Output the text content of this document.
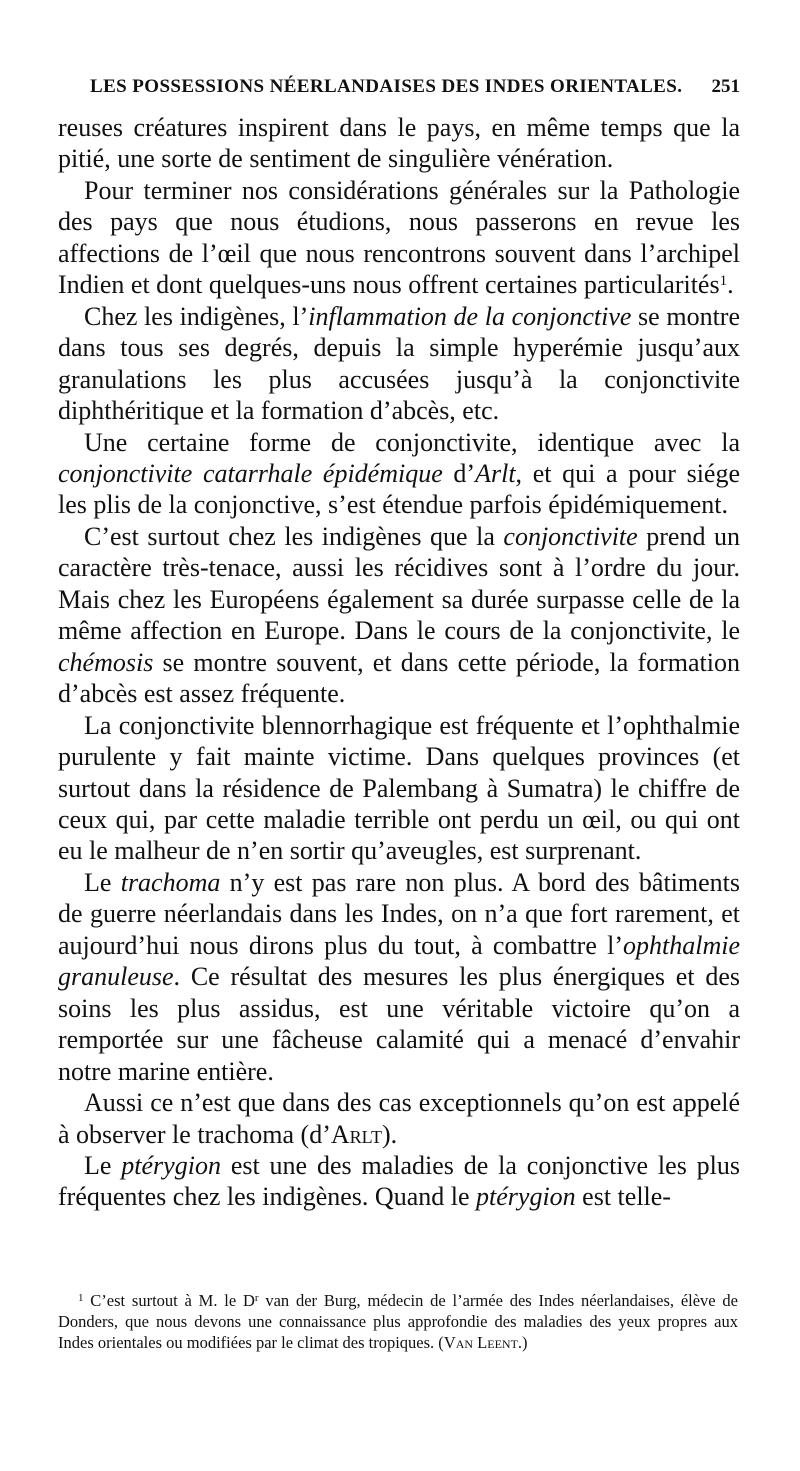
LES POSSESSIONS NÉERLANDAISES DES INDES ORIENTALES. 251

reuses créatures inspirent dans le pays, en même temps que la pitié, une sorte de sentiment de singulière vénération.

Pour terminer nos considérations générales sur la Pathologie des pays que nous étudions, nous passerons en revue les affections de l’œil que nous rencontrons souvent dans l’archipel Indien et dont quelques-uns nous offrent certaines particularités$^1$.

Chez les indigènes, l’inflammation de la conjonctive se montre dans tous ses degrés, depuis la simple hyperémie jusqu’aux granulations les plus accusées jusqu’à la conjonctivite diphthéritique et la formation d’abcès, etc.

Une certaine forme de conjonctivite, identique avec la conjonctivite catarrhale épidémique d’Arlt, et qui a pour siége les plis de la conjonctive, s’est étendue parfois épidémiquement.

C’est surtout chez les indigènes que la conjonctivite prend un caractère très-tenace, aussi les récidives sont à l’ordre du jour. Mais chez les Européens également sa durée surpasse celle de la même affection en Europe. Dans le cours de la conjonctivite, le chémosis se montre souvent, et dans cette période, la formation d’abcès est assez fréquente.

La conjonctivite blennorrhagique est fréquente et l’ophthalmie purulente y fait mainte victime. Dans quelques provinces (et surtout dans la résidence de Palembang à Sumatra) le chiffre de ceux qui, par cette maladie terrible ont perdu un œil, ou qui ont eu le malheur de n’en sortir qu’aveugles, est surprenant.

Le trachoma n’y est pas rare non plus. A bord des bâtiments de guerre néerlandais dans les Indes, on n’a que fort rarement, et aujourd’hui nous dirons plus du tout, à combattre l’ophthalmie granuleuse. Ce résultat des mesures les plus énergiques et des soins les plus assidus, est une véritable victoire qu’on a remportée sur une fâcheuse calamité qui a menacé d’envahir notre marine entière.

Aussi ce n’est que dans des cas exceptionnels qu’on est appelé à observer le trachoma (d’Arlt).

Le ptérygion est une des maladies de la conjonctive les plus fréquentes chez les indigènes. Quand le ptérygion est telle-

$^1$ C’est surtout à M. le $D^r$ van der Burg, médecin de l’armée des Indes néerlandaises, élève de Donders, que nous devons une connaissance plus approfondie des maladies des yeux propres aux Indes orientales ou modifiées par le climat des tropiques. (Van Leent.)
